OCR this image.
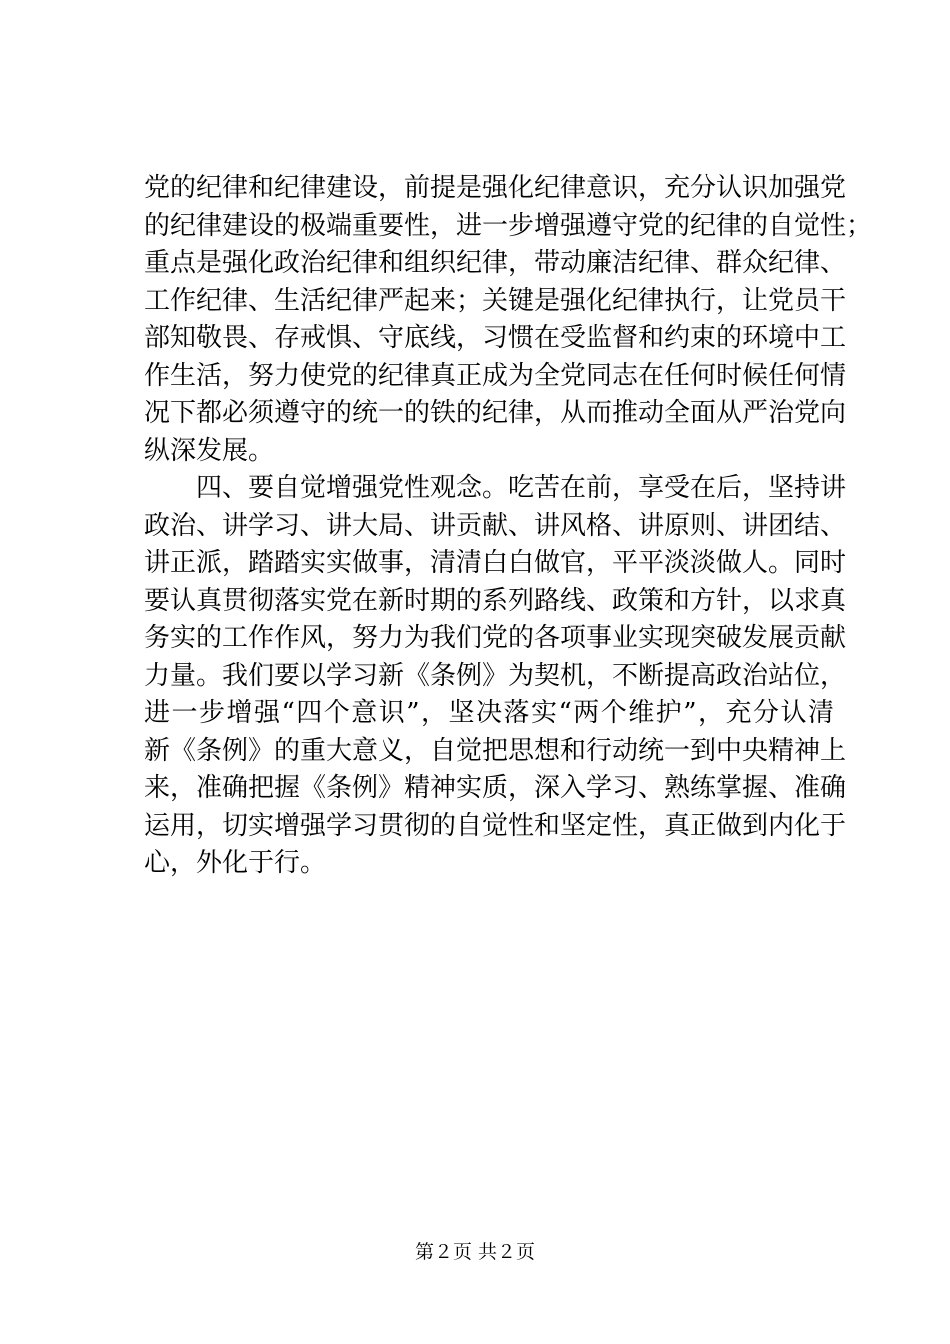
党的纪律和纪律建设，前提是强化纪律意识，充分认识加强党
的纪律建设的极端重要性，进一步增强遵守党的纪律的自觉性；
重点是强化政治纪律和组织纪律，带动廉洁纪律、群众纪律、
工作纪律、生活纪律严起来；关键是强化纪律执行，让党员干
部知敬畏、存戒惧、守底线，习惯在受监督和约束的环境中工
作生活，努力使党的纪律真正成为全党同志在任何时候任何情
况下都必须遵守的统一的铁的纪律，从而推动全面从严治党向
纵深发展。
　　四、要自觉增强党性观念。吃苦在前，享受在后，坚持讲
政治、讲学习、讲大局、讲贡献、讲风格、讲原则、讲团结、
讲正派，踏踏实实做事，清清白白做官，平平淡淡做人。同时
要认真贯彻落实党在新时期的系列路线、政策和方针，以求真
务实的工作作风，努力为我们党的各项事业实现突破发展贡献
力量。我们要以学习新《条例》为契机，不断提高政治站位，
进一步增强“四个意识”，坚决落实“两个维护”，充分认清
新《条例》的重大意义，自觉把思想和行动统一到中央精神上
来，准确把握《条例》精神实质，深入学习、熟练掌握、准确
运用，切实增强学习贯彻的自觉性和坚定性，真正做到内化于
心，外化于行。
第２页 共２页
